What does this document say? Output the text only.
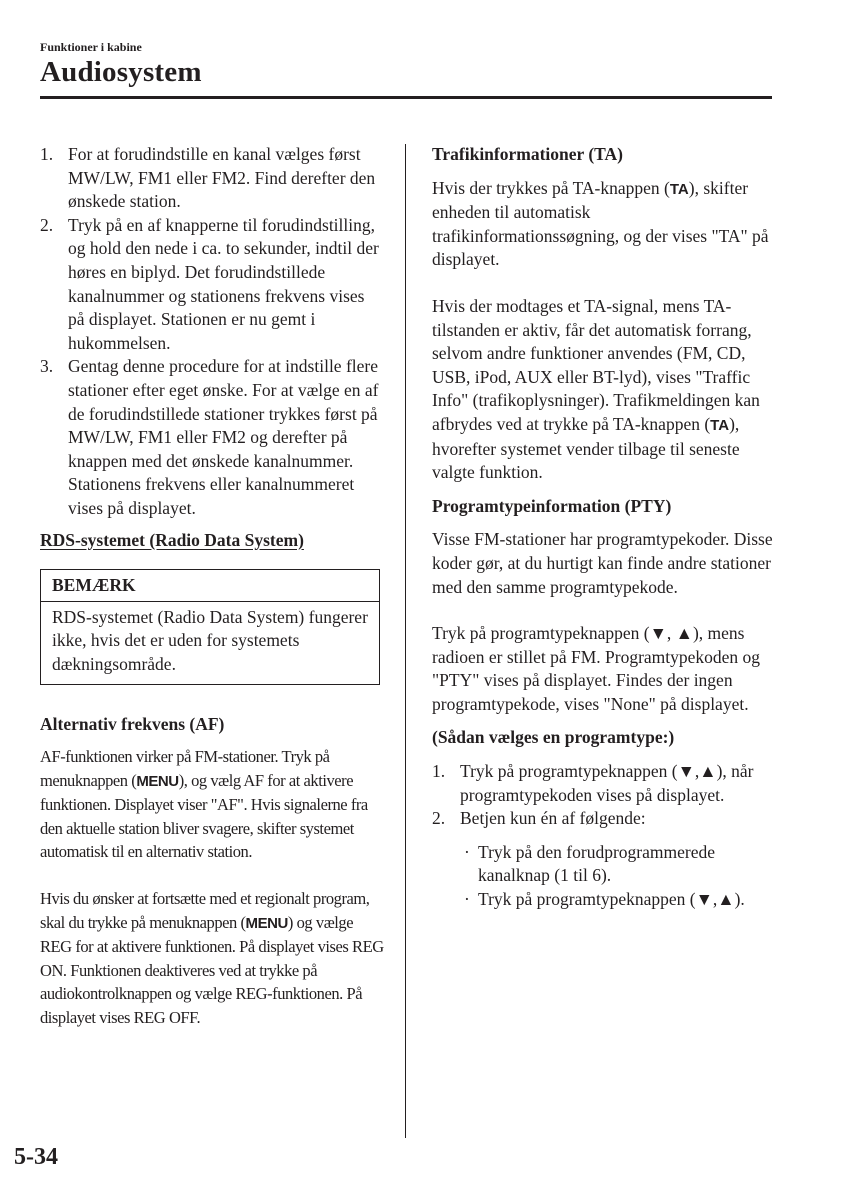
Funktioner i kabine
Audiosystem
1. For at forudindstille en kanal vælges først MW/LW, FM1 eller FM2. Find derefter den ønskede station.
2. Tryk på en af knapperne til forudindstilling, og hold den nede i ca. to sekunder, indtil der høres en biplyd. Det forudindstillede kanalnummer og stationens frekvens vises på displayet. Stationen er nu gemt i hukommelsen.
3. Gentag denne procedure for at indstille flere stationer efter eget ønske. For at vælge en af de forudindstillede stationer trykkes først på MW/LW, FM1 eller FM2 og derefter på knappen med det ønskede kanalnummer. Stationens frekvens eller kanalnummeret vises på displayet.
RDS-systemet (Radio Data System)
BEMÆRK
RDS-systemet (Radio Data System) fungerer ikke, hvis det er uden for systemets dækningsområde.
Alternativ frekvens (AF)
AF-funktionen virker på FM-stationer. Tryk på menuknappen (MENU), og vælg AF for at aktivere funktionen. Displayet viser "AF". Hvis signalerne fra den aktuelle station bliver svagere, skifter systemet automatisk til en alternativ station.
Hvis du ønsker at fortsætte med et regionalt program, skal du trykke på menuknappen (MENU) og vælge REG for at aktivere funktionen. På displayet vises REG ON. Funktionen deaktiveres ved at trykke på audiokontrolknappen og vælge REG-funktionen. På displayet vises REG OFF.
Trafikinformationer (TA)
Hvis der trykkes på TA-knappen (TA), skifter enheden til automatisk trafikinformationssøgning, og der vises "TA" på displayet.
Hvis der modtages et TA-signal, mens TA-tilstanden er aktiv, får det automatisk forrang, selvom andre funktioner anvendes (FM, CD, USB, iPod, AUX eller BT-lyd), vises "Traffic Info" (trafikoplysninger). Trafikmeldingen kan afbrydes ved at trykke på TA-knappen (TA), hvorefter systemet vender tilbage til seneste valgte funktion.
Programtypeinformation (PTY)
Visse FM-stationer har programtypekoder. Disse koder gør, at du hurtigt kan finde andre stationer med den samme programtypekode.
Tryk på programtypeknappen (▼, ▲), mens radioen er stillet på FM. Programtypekoden og "PTY" vises på displayet. Findes der ingen programtypekode, vises "None" på displayet.
(Sådan vælges en programtype:)
1. Tryk på programtypeknappen (▼,▲), når programtypekoden vises på displayet.
2. Betjen kun én af følgende:
· Tryk på den forudprogrammerede kanalknap (1 til 6).
· Tryk på programtypeknappen (▼,▲).
5-34
